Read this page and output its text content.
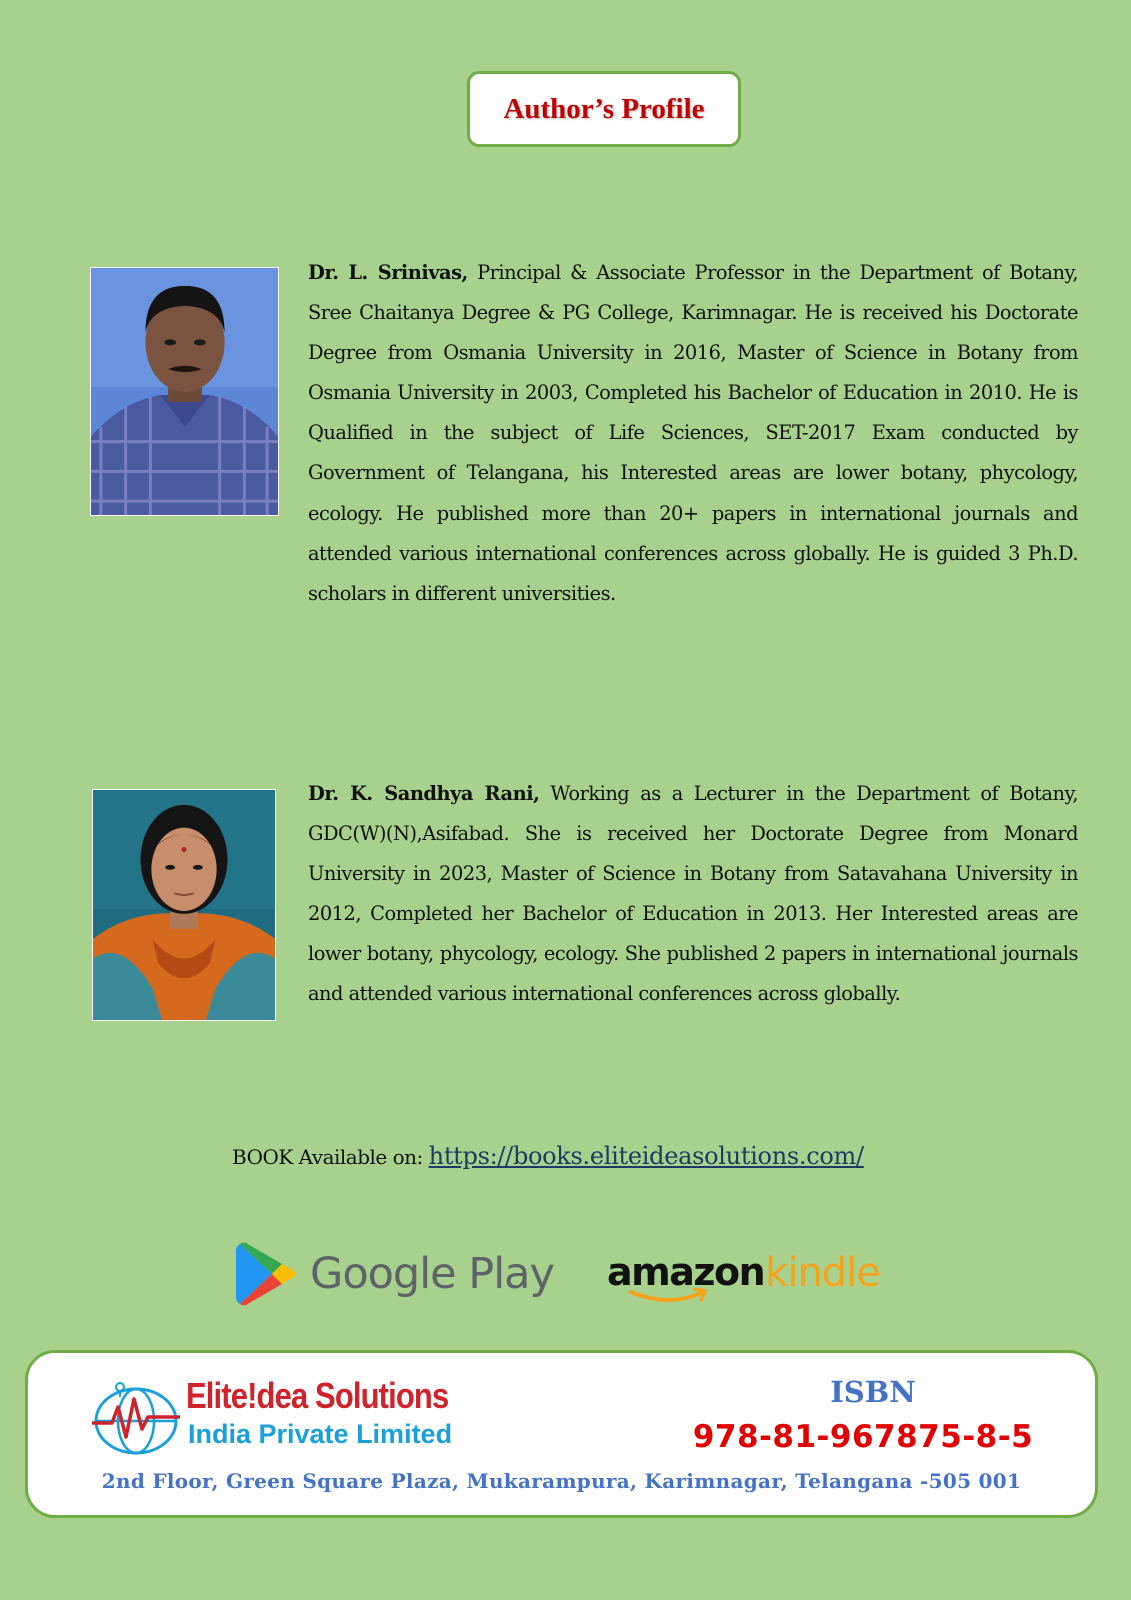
Author’s Profile
Dr. L. Srinivas, Principal & Associate Professor in the Department of Botany, Sree Chaitanya Degree & PG College, Karimnagar. He is received his Doctorate Degree from Osmania University in 2016, Master of Science in Botany from Osmania University in 2003, Completed his Bachelor of Education in 2010. He is Qualified in the subject of Life Sciences, SET-2017 Exam conducted by Government of Telangana, his Interested areas are lower botany, phycology, ecology. He published more than 20+ papers in international journals and attended various international conferences across globally. He is guided 3 Ph.D. scholars in different universities.
Dr. K. Sandhya Rani, Working as a Lecturer in the Department of Botany, GDC(W)(N),Asifabad. She is received her Doctorate Degree from Monard University in 2023, Master of Science in Botany from Satavahana University in 2012, Completed her Bachelor of Education in 2013. Her Interested areas are lower botany, phycology, ecology. She published 2 papers in international journals and attended various international conferences across globally.
BOOK Available on: https://books.eliteideasolutions.com/
Google Play amazon kindle
Elite!dea Solutions
India Private Limited
ISBN
978-81-967875-8-5
2nd Floor, Green Square Plaza, Mukarampura, Karimnagar, Telangana -505 001
